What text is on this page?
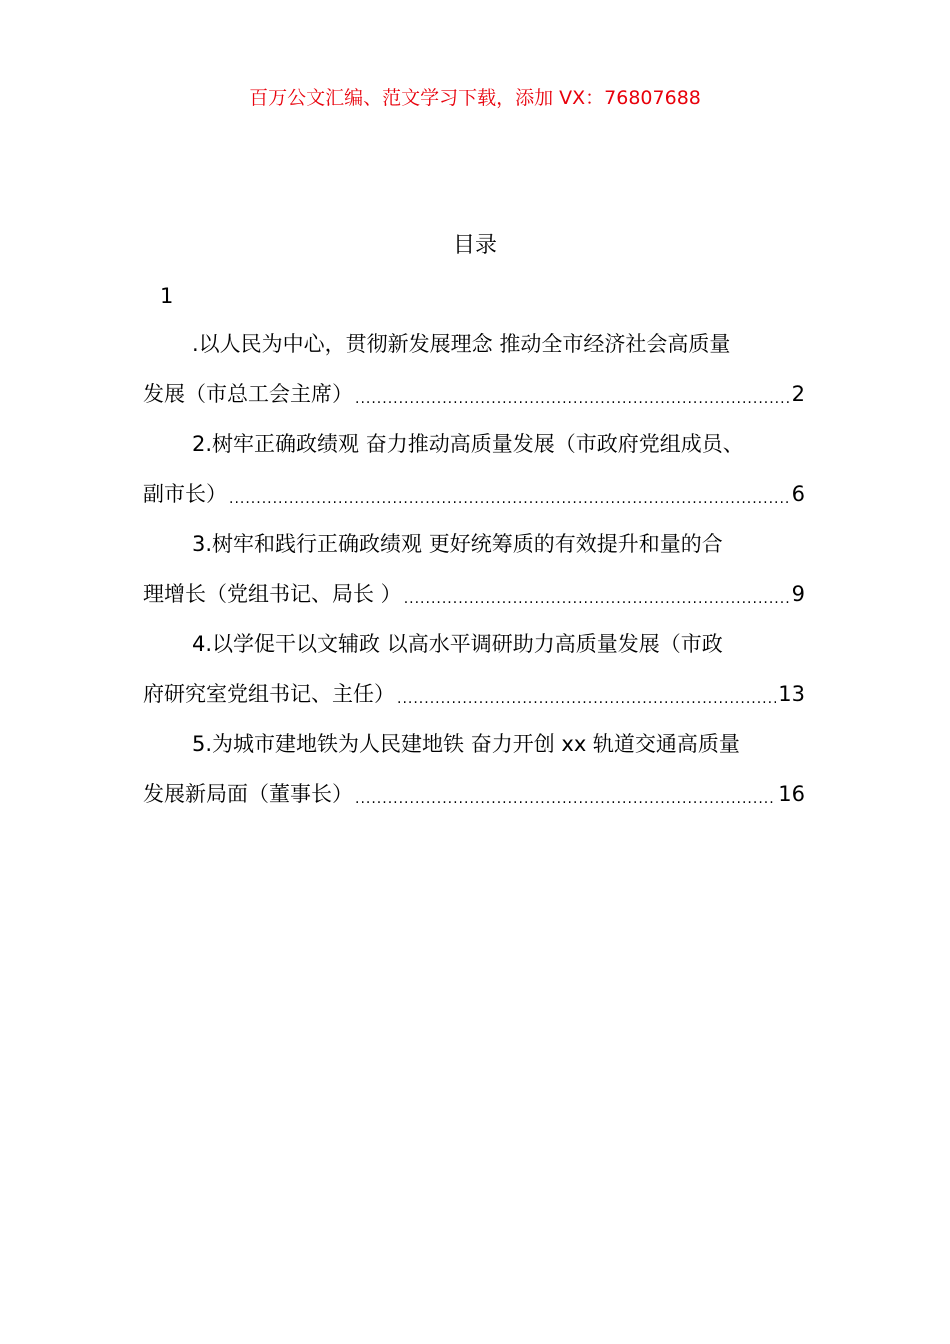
百万公文汇编、范文学习下载，添加 VX：76807688
目录
1
.以人民为中心，贯彻新发展理念 推动全市经济社会高质量
发展（市总工会主席） .....	2
2.树牢正确政绩观 奋力推动高质量发展（市政府党组成员、
副市长） .....	6
3.树牢和践行正确政绩观 更好统筹质的有效提升和量的合
理增长（党组书记、局长 ） .....	9
4.以学促干以文辅政 以高水平调研助力高质量发展（市政
府研究室党组书记、主任） .....	13
5.为城市建地铁为人民建地铁 奋力开创 xx 轨道交通高质量
发展新局面（董事长） .....	16
